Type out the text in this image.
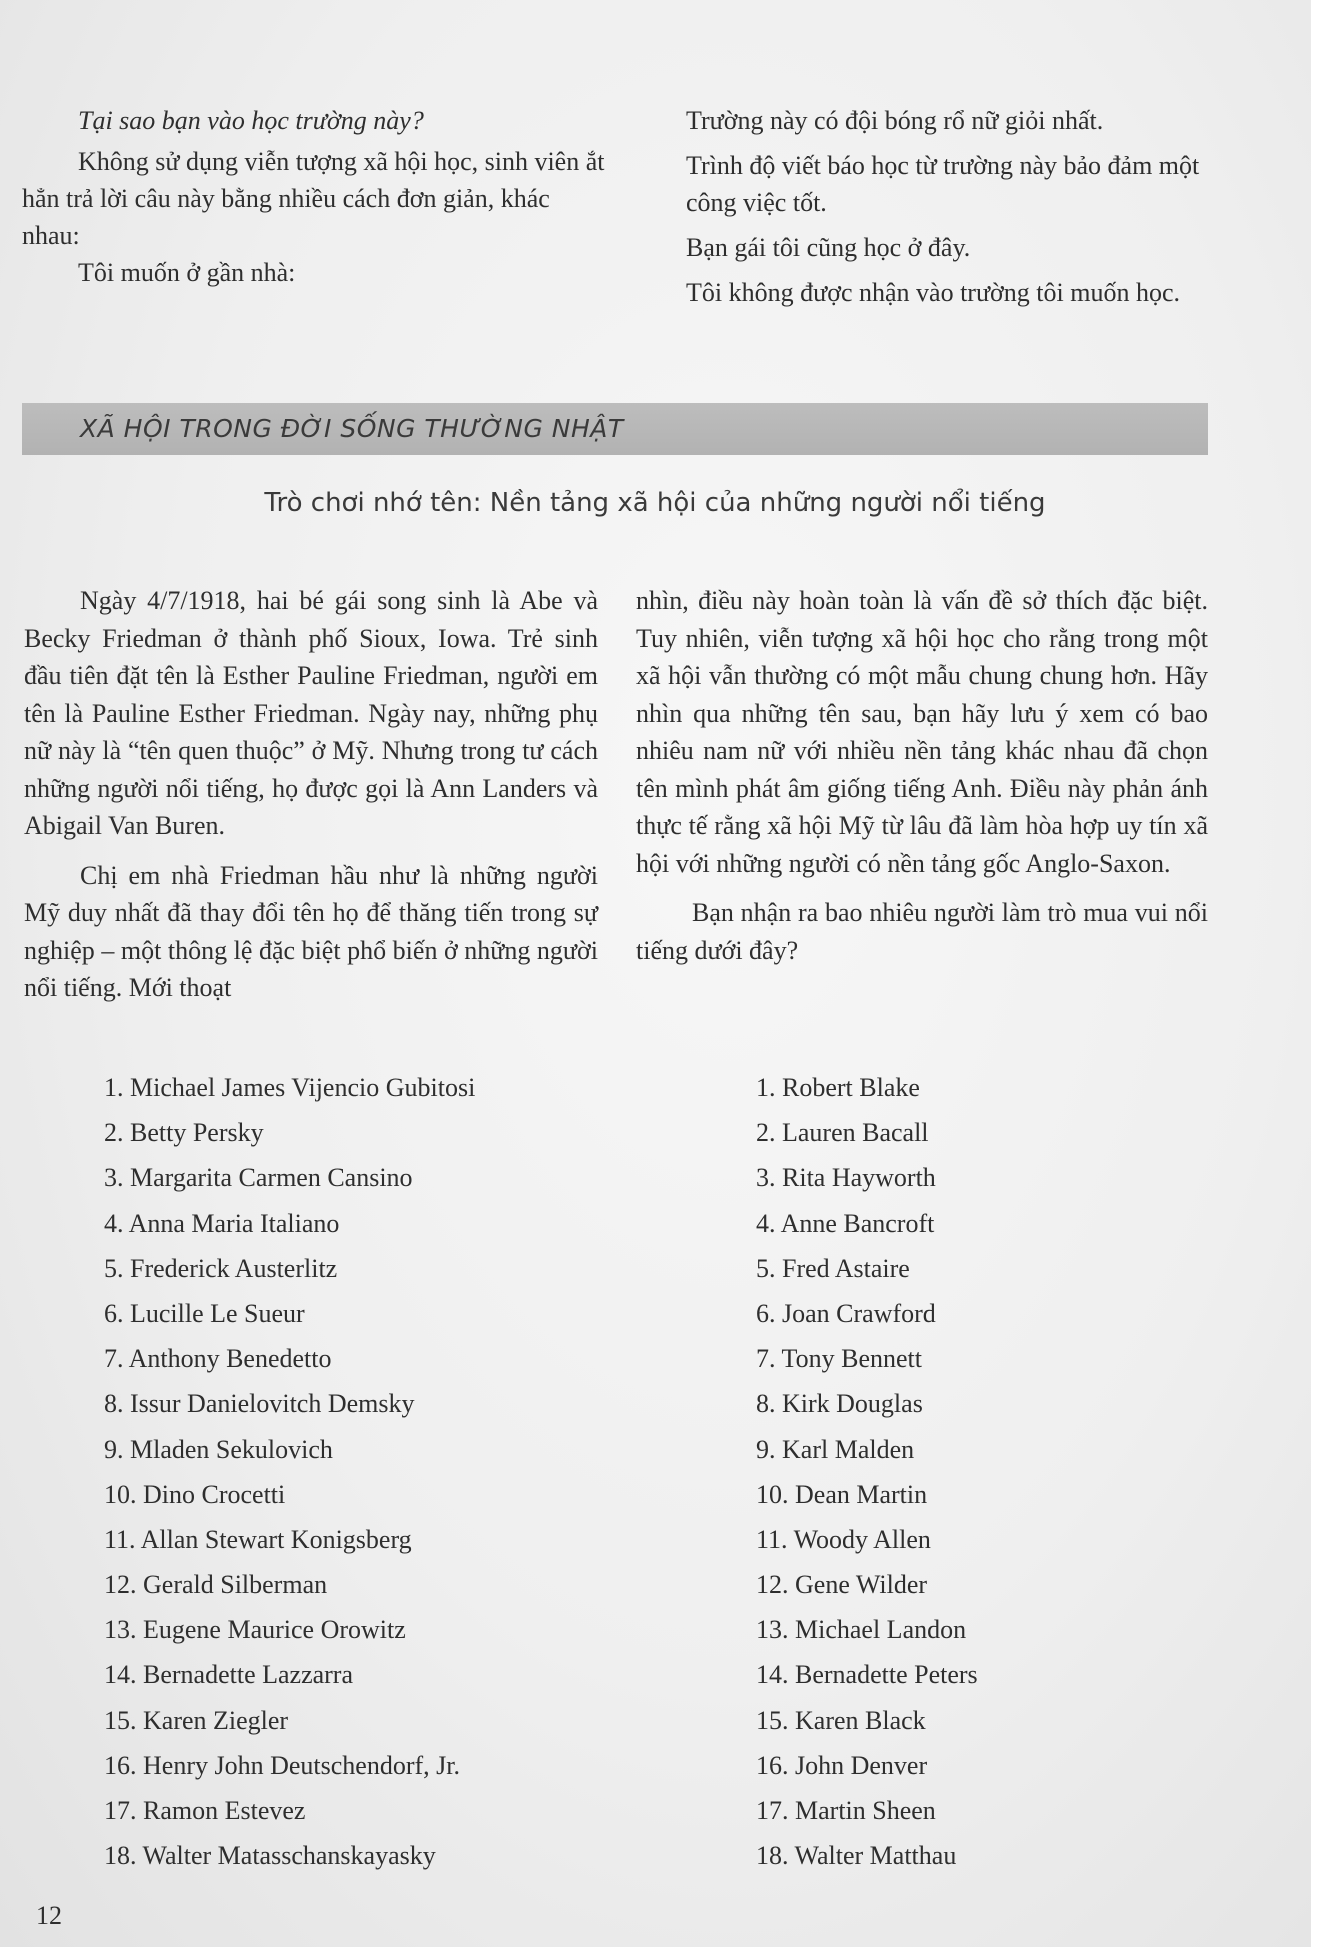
Tại sao bạn vào học trường này?

Không sử dụng viễn tượng xã hội học, sinh viên ắt hẳn trả lời câu này bằng nhiều cách đơn giản, khác nhau:

Tôi muốn ở gần nhà:

Trường này có đội bóng rổ nữ giỏi nhất.

Trình độ viết báo học từ trường này bảo đảm một công việc tốt.

Bạn gái tôi cũng học ở đây.

Tôi không được nhận vào trường tôi muốn học.

XÃ HỘI TRONG ĐỜI SỐNG THƯỜNG NHẬT
Trò chơi nhớ tên: Nền tảng xã hội của những người nổi tiếng

Ngày 4/7/1918, hai bé gái song sinh là Abe và Becky Friedman ở thành phố Sioux, Iowa. Trẻ sinh đầu tiên đặt tên là Esther Pauline Friedman, người em tên là Pauline Esther Friedman. Ngày nay, những phụ nữ này là “tên quen thuộc” ở Mỹ. Nhưng trong tư cách những người nổi tiếng, họ được gọi là Ann Landers và Abigail Van Buren.

Chị em nhà Friedman hầu như là những người Mỹ duy nhất đã thay đổi tên họ để thăng tiến trong sự nghiệp – một thông lệ đặc biệt phổ biến ở những người nổi tiếng. Mới thoạt

nhìn, điều này hoàn toàn là vấn đề sở thích đặc biệt. Tuy nhiên, viễn tượng xã hội học cho rằng trong một xã hội vẫn thường có một mẫu chung chung hơn. Hãy nhìn qua những tên sau, bạn hãy lưu ý xem có bao nhiêu nam nữ với nhiều nền tảng khác nhau đã chọn tên mình phát âm giống tiếng Anh. Điều này phản ánh thực tế rằng xã hội Mỹ từ lâu đã làm hòa hợp uy tín xã hội với những người có nền tảng gốc Anglo-Saxon.

Bạn nhận ra bao nhiêu người làm trò mua vui nổi tiếng dưới đây?

1. Michael James Vijencio Gubitosi
2. Betty Persky
3. Margarita Carmen Cansino
4. Anna Maria Italiano
5. Frederick Austerlitz
6. Lucille Le Sueur
7. Anthony Benedetto
8. Issur Danielovitch Demsky
9. Mladen Sekulovich
10. Dino Crocetti
11. Allan Stewart Konigsberg
12. Gerald Silberman
13. Eugene Maurice Orowitz
14. Bernadette Lazzarra
15. Karen Ziegler
16. Henry John Deutschendorf, Jr.
17. Ramon Estevez
18. Walter Matasschanskayasky
1. Robert Blake
2. Lauren Bacall
3. Rita Hayworth
4. Anne Bancroft
5. Fred Astaire
6. Joan Crawford
7. Tony Bennett
8. Kirk Douglas
9. Karl Malden
10. Dean Martin
11. Woody Allen
12. Gene Wilder
13. Michael Landon
14. Bernadette Peters
15. Karen Black
16. John Denver
17. Martin Sheen
18. Walter Matthau
12
